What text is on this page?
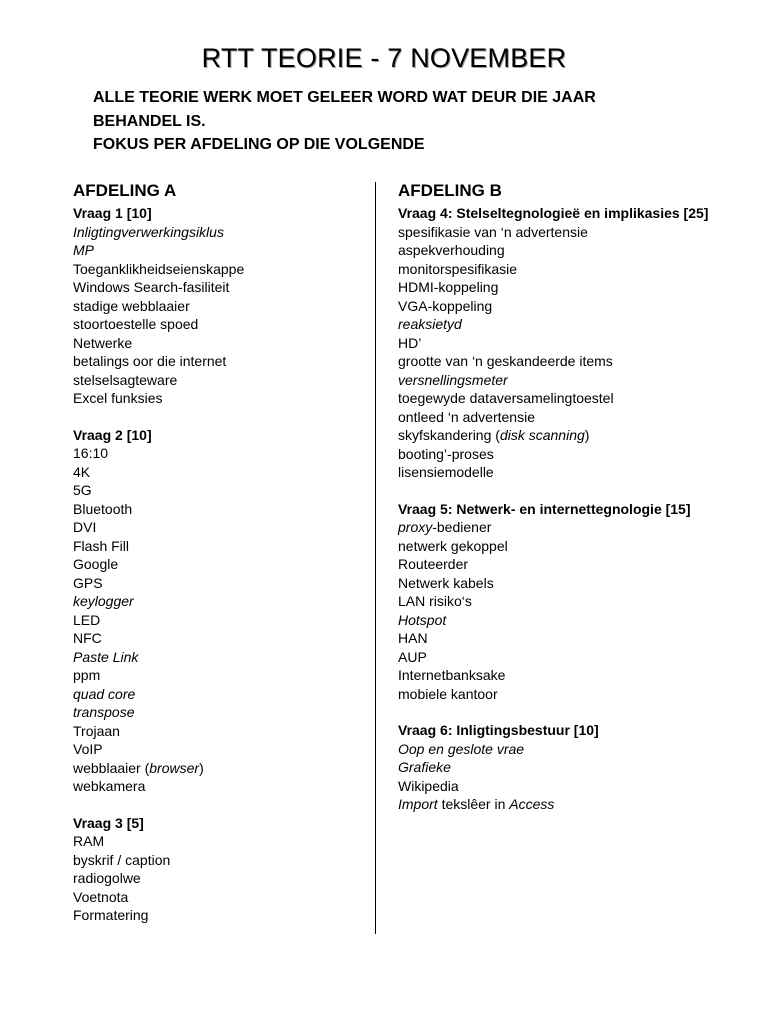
RTT TEORIE - 7 NOVEMBER
ALLE TEORIE WERK MOET GELEER WORD WAT DEUR DIE JAAR
BEHANDEL IS.
FOKUS PER AFDELING OP DIE VOLGENDE
AFDELING A
Vraag 1 [10]
Inligtingverwerkingsiklus
MP
Toeganklikheidseienskappe
Windows Search-fasiliteit
stadige webblaaier
stoortoestelle spoed
Netwerke
betalings oor die internet
stelselsagteware
Excel funksies
Vraag 2 [10]
16:10
4K
5G
Bluetooth
DVI
Flash Fill
Google
GPS
keylogger
LED
NFC
Paste Link
ppm
quad core
transpose
Trojaan
VoIP
webblaaier (browser)
webkamera
Vraag 3 [5]
RAM
byskrif / caption
radiogolwe
Voetnota
Formatering
AFDELING B
Vraag 4: Stelseltegnologieë en implikasies [25]
spesifikasie van ‘n advertensie
aspekverhouding
monitorspesifikasie
HDMI-koppeling
VGA-koppeling
reaksietyd
HD’
grootte van ‘n geskandeerde items
versnellingsmeter
toegewyde dataversamelingtoestel
ontleed ‘n advertensie
skyfskandering (disk scanning)
booting’-proses
lisensiemodelle
Vraag 5: Netwerk- en internettegnologie [15]
proxy-bediener
netwerk gekoppel
Routeerder
Netwerk kabels
LAN risiko‘s
Hotspot
HAN
AUP
Internetbanksake
mobiele kantoor
Vraag 6: Inligtingsbestuur [10]
Oop en geslote vrae
Grafieke
Wikipedia
Import tekslêer in Access
